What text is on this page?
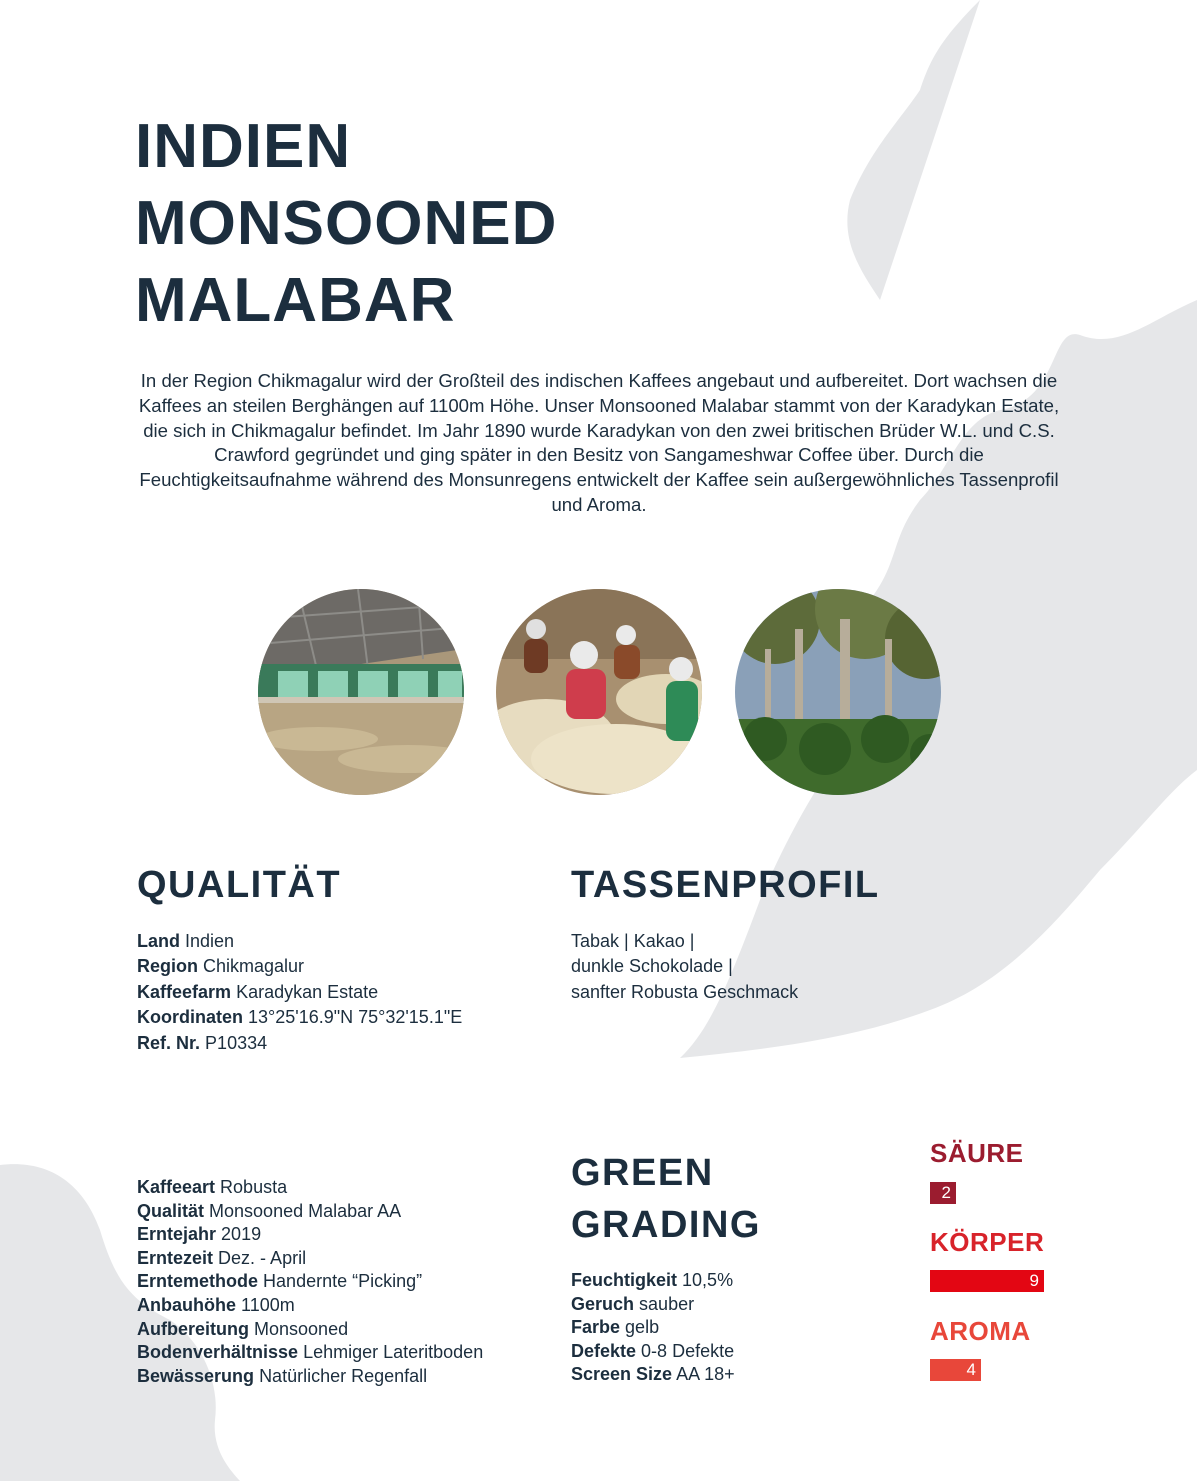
INDIEN
MONSOONED
MALABAR

In der Region Chikmagalur wird der Großteil des indischen Kaffees angebaut und aufbereitet. Dort wachsen die Kaffees an steilen Berghängen auf 1100m Höhe. Unser Monsooned Malabar stammt von der Karadykan Estate, die sich in Chikmagalur befindet. Im Jahr 1890 wurde Karadykan von den zwei britischen Brüder W.L. und C.S. Crawford gegründet und ging später in den Besitz von Sangameshwar Coffee über. Durch die Feuchtigkeitsaufnahme während des Monsunregens entwickelt der Kaffee sein außergewöhnliches Tassenprofil und Aroma.

QUALITÄT	TASSENPROFIL
Land Indien
Region Chikmagalur
Kaffeefarm Karadykan Estate
Koordinaten 13°25'16.9"N 75°32'15.1"E
Ref. Nr. P10334
Tabak | Kakao |
dunkle Schokolade |
sanfter Robusta Geschmack
Kaffeeart Robusta
Qualität Monsooned Malabar AA
Erntejahr 2019
Erntezeit Dez. - April
Erntemethode Handernte “Picking”
Anbauhöhe 1100m
Aufbereitung Monsooned
Bodenverhältnisse Lehmiger Lateritboden
Bewässerung Natürlicher Regenfall
GREEN
GRADING
Feuchtigkeit 10,5%
Geruch sauber
Farbe gelb
Defekte 0-8 Defekte
Screen Size AA 18+
SÄURE
2
KÖRPER
9
AROMA
4
